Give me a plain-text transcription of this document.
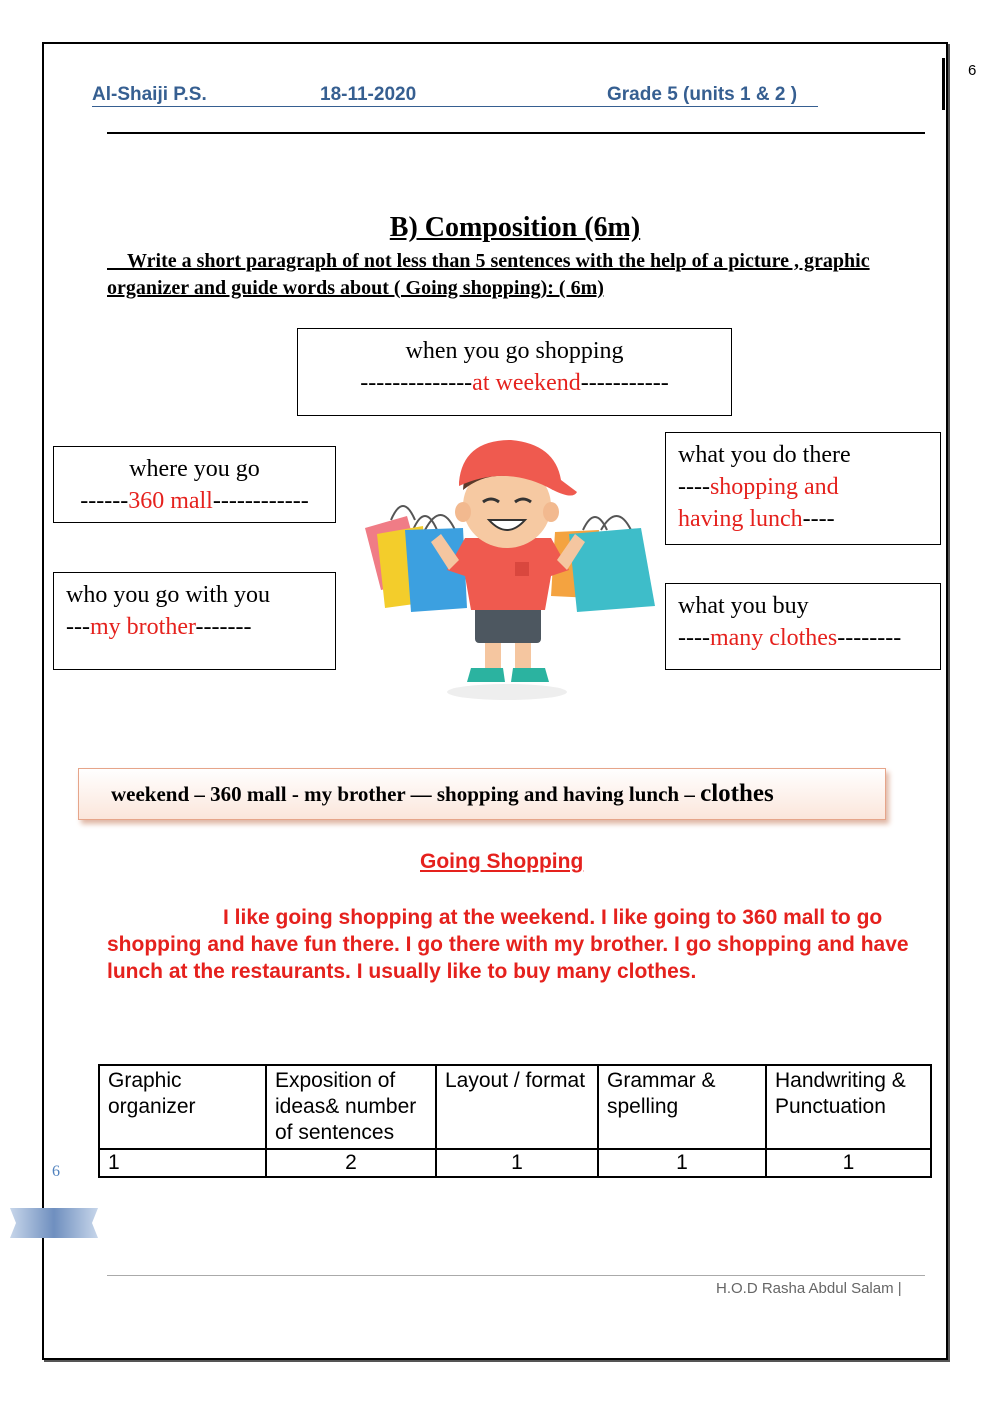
6
Al-Shaiji P.S.	18-11-2020	Grade 5 (units 1 & 2 )
B) Composition (6m)
Write a short paragraph of not less than 5 sentences with the help of a picture , graphic organizer and guide words about ( Going shopping): ( 6m)
when you go shopping
--------------at weekend-----------
where you go
------360 mall------------
what you do there
----shopping and
having lunch----
who you go with you
---my brother-------
what you buy
----many clothes--------
weekend – 360 mall - my brother — shopping and having lunch – clothes
Going Shopping
I like going shopping at the weekend. I like going to 360 mall to go shopping and have fun there. I go there with my brother. I go shopping and have lunch at the restaurants. I usually like to buy many clothes.
Graphic organizer	Exposition of ideas& number of sentences	Layout / format	Grammar & spelling	Handwriting & Punctuation
1	2	1	1	1
6
H.O.D Rasha Abdul Salam |
